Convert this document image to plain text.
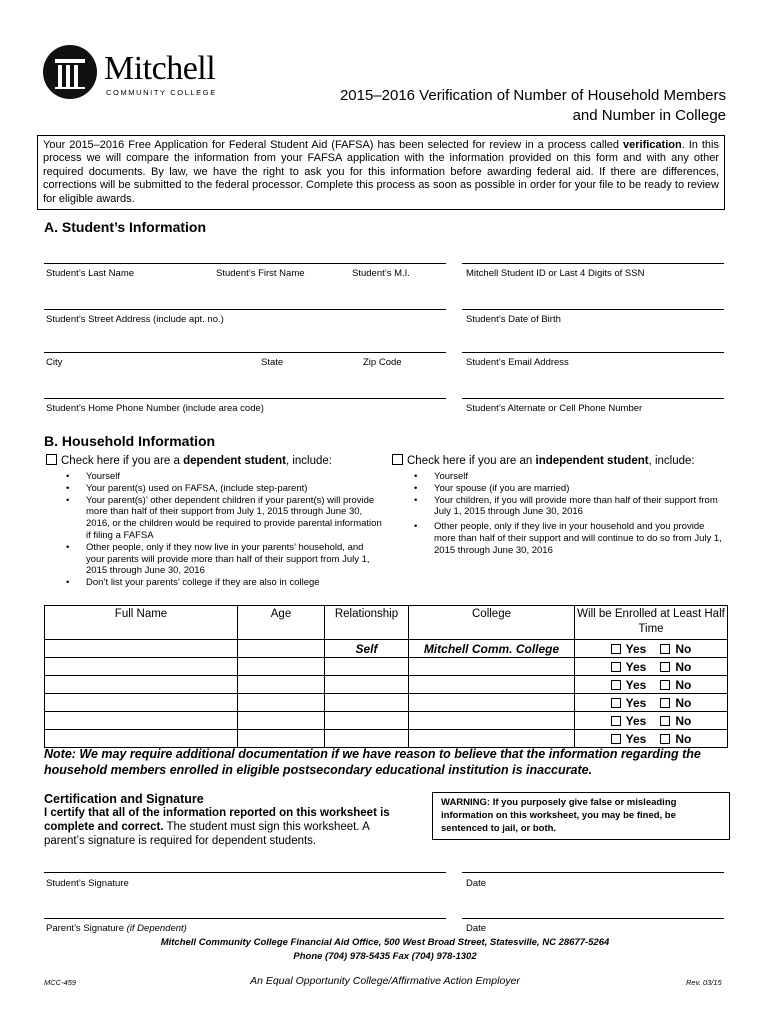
Mitchell
COMMUNITY COLLEGE	2015–2016 Verification of Number of Household Members
and Number in College
Your 2015–2016 Free Application for Federal Student Aid (FAFSA) has been selected for review in a process called verification. In this process we will compare the information from your FAFSA application with the information provided on this form and with any other required documents. By law, we have the right to ask you for this information before awarding federal aid. If there are differences, corrections will be submitted to the federal processor. Complete this process as soon as possible in order for your file to be ready to review for eligible awards.
A. Student’s Information
Student’s Last Name	Student’s First Name	Student’s M.I.	Mitchell Student ID or Last 4 Digits of SSN
Student’s Street Address (include apt. no.)	Student’s Date of Birth
City	State	Zip Code	Student’s Email Address
Student’s Home Phone Number (include area code)	Student’s Alternate or Cell Phone Number
B. Household Information
Check here if you are a dependent student, include:	Check here if you are an independent student, include:
• Yourself
• Your parent(s) used on FAFSA, (include step-parent)
• Your parent(s)’ other dependent children if your parent(s) will provide more than half of their support from July 1, 2015 through June 30, 2016, or the children would be required to provide parental information if filing a FAFSA
• Other people, only if they now live in your parents’ household, and your parents will provide more than half of their support from July 1, 2015 through June 30, 2016
• Don’t list your parents’ college if they are also in college
• Yourself
• Your spouse (if you are married)
• Your children, if you will provide more than half of their support from July 1, 2015 through June 30, 2016
• Other people, only if they live in your household and you provide more than half of their support and will continue to do so from July 1, 2015 through June 30, 2016
Full Name	Age	Relationship	College	Will be Enrolled at Least Half Time
		Self	Mitchell Comm. College	Yes No
				Yes No
				Yes No
				Yes No
				Yes No
				Yes No
Note: We may require additional documentation if we have reason to believe that the information regarding the household members enrolled in eligible postsecondary educational institution is inaccurate.
Certification and Signature
I certify that all of the information reported on this worksheet is complete and correct. The student must sign this worksheet. A parent’s signature is required for dependent students.
WARNING: If you purposely give false or misleading information on this worksheet, you may be fined, be sentenced to jail, or both.
Student’s Signature	Date
Parent’s Signature (if Dependent)	Date
Mitchell Community College Financial Aid Office, 500 West Broad Street, Statesville, NC 28677-5264
Phone (704) 978-5435 Fax (704) 978-1302
MCC-459	An Equal Opportunity College/Affirmative Action Employer	Rev. 03/15
